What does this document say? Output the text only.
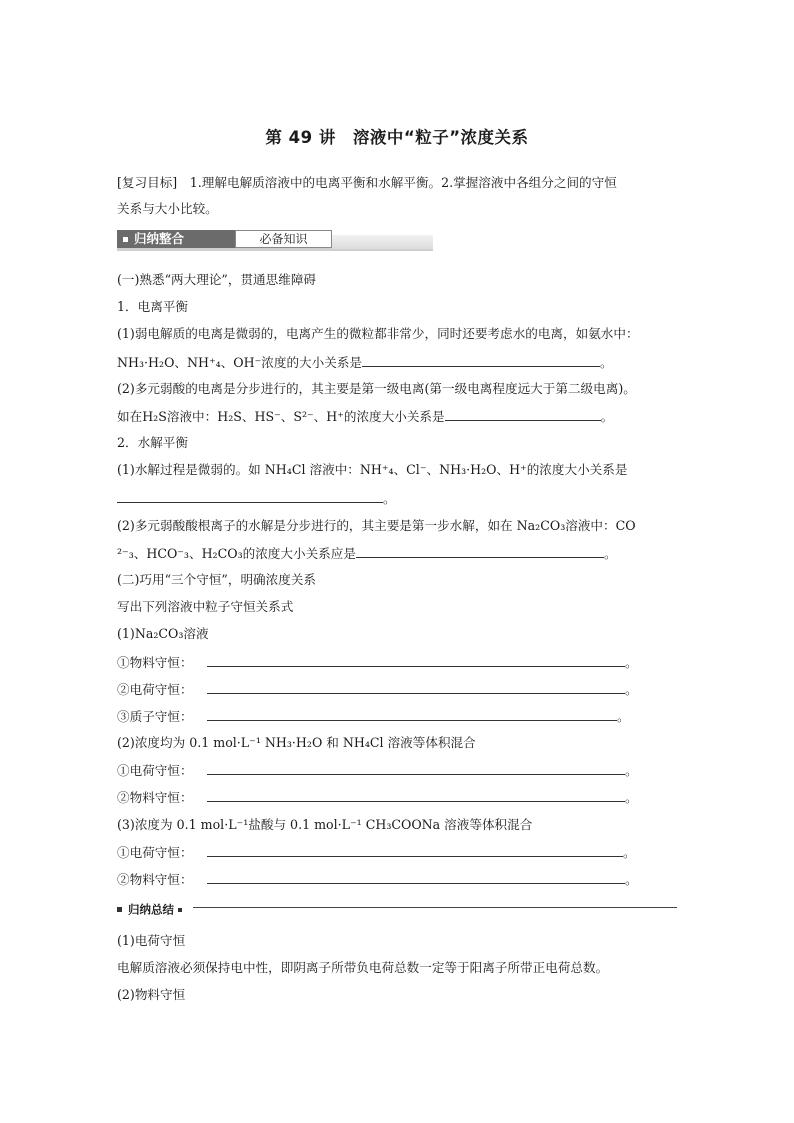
第 49 讲　溶液中“粒子”浓度关系
[复习目标]　1.理解电解质溶液中的电离平衡和水解平衡。2.掌握溶液中各组分之间的守恒
关系与大小比较。
归纳整合	必备知识
(一)熟悉“两大理论”，贯通思维障碍
1．电离平衡
(1)弱电解质的电离是微弱的，电离产生的微粒都非常少，同时还要考虑水的电离，如氨水中：
NH₃·H₂O、NH⁺₄、OH⁻浓度的大小关系是	。
(2)多元弱酸的电离是分步进行的，其主要是第一级电离(第一级电离程度远大于第二级电离)。
如在H₂S溶液中：H₂S、HS⁻、S²⁻、H⁺的浓度大小关系是	。
2．水解平衡
(1)水解过程是微弱的。如 NH₄Cl 溶液中：NH⁺₄、Cl⁻、NH₃·H₂O、H⁺的浓度大小关系是
。
(2)多元弱酸酸根离子的水解是分步进行的，其主要是第一步水解，如在 Na₂CO₃溶液中：CO
²⁻₃、HCO⁻₃、H₂CO₃的浓度大小关系应是	。
(二)巧用“三个守恒”，明确浓度关系
写出下列溶液中粒子守恒关系式
(1)Na₂CO₃溶液
①物料守恒：	。
②电荷守恒：	。
③质子守恒：	。
(2)浓度均为 0.1 mol·L⁻¹ NH₃·H₂O 和 NH₄Cl 溶液等体积混合
①电荷守恒：	。
②物料守恒：	。
(3)浓度为 0.1 mol·L⁻¹盐酸与 0.1 mol·L⁻¹ CH₃COONa 溶液等体积混合
①电荷守恒：	。
②物料守恒：	。
归纳总结
(1)电荷守恒
电解质溶液必须保持电中性，即阴离子所带负电荷总数一定等于阳离子所带正电荷总数。
(2)物料守恒
